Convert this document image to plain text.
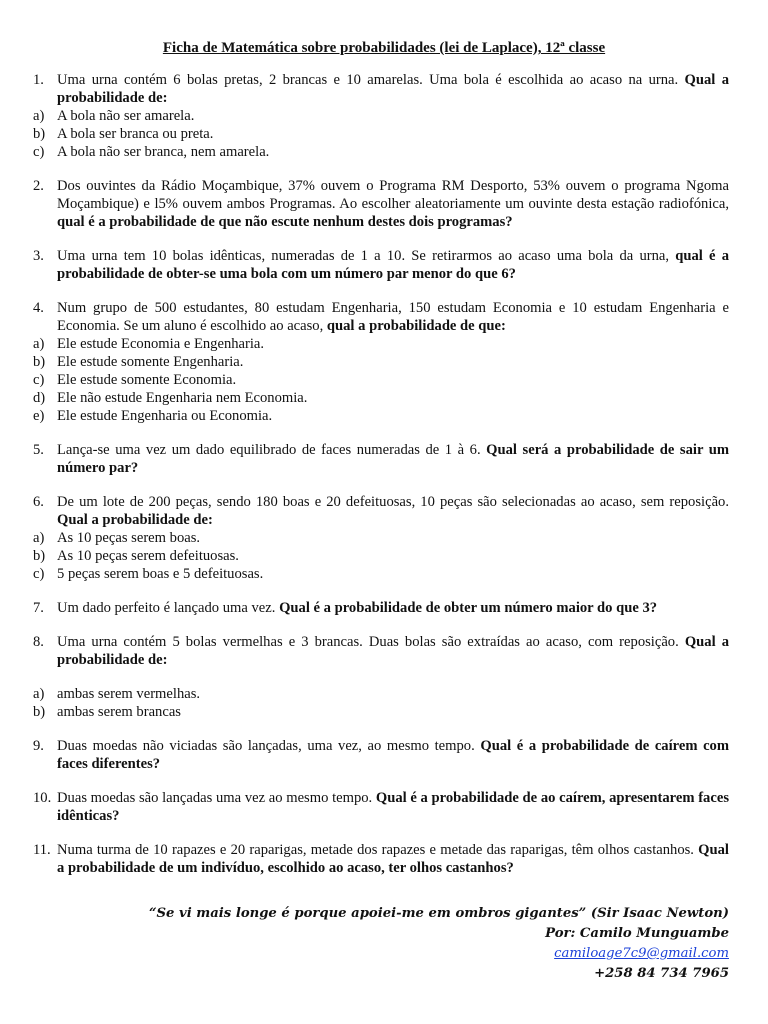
Ficha de Matemática sobre probabilidades (lei de Laplace), 12ª classe
1. Uma urna contém 6 bolas pretas, 2 brancas e 10 amarelas. Uma bola é escolhida ao acaso na urna. Qual a probabilidade de:
a) A bola não ser amarela.
b) A bola ser branca ou preta.
c) A bola não ser branca, nem amarela.
2. Dos ouvintes da Rádio Moçambique, 37% ouvem o Programa RM Desporto, 53% ouvem o programa Ngoma Moçambique) e l5% ouvem ambos Programas. Ao escolher aleatoriamente um ouvinte desta estação radiofónica, qual é a probabilidade de que não escute nenhum destes dois programas?
3. Uma urna tem 10 bolas idênticas, numeradas de 1 a 10. Se retirarmos ao acaso uma bola da urna, qual é a probabilidade de obter-se uma bola com um número par menor do que 6?
4. Num grupo de 500 estudantes, 80 estudam Engenharia, 150 estudam Economia e 10 estudam Engenharia e Economia. Se um aluno é escolhido ao acaso, qual a probabilidade de que:
a) Ele estude Economia e Engenharia.
b) Ele estude somente Engenharia.
c) Ele estude somente Economia.
d) Ele não estude Engenharia nem Economia.
e) Ele estude Engenharia ou Economia.
5. Lança-se uma vez um dado equilibrado de faces numeradas de 1 à 6. Qual será a probabilidade de sair um número par?
6. De um lote de 200 peças, sendo 180 boas e 20 defeituosas, 10 peças são selecionadas ao acaso, sem reposição. Qual a probabilidade de:
a) As 10 peças serem boas.
b) As 10 peças serem defeituosas.
c) 5 peças serem boas e 5 defeituosas.
7. Um dado perfeito é lançado uma vez. Qual é a probabilidade de obter um número maior do que 3?
8. Uma urna contém 5 bolas vermelhas e 3 brancas. Duas bolas são extraídas ao acaso, com reposição. Qual a probabilidade de:
a) ambas serem vermelhas.
b) ambas serem brancas
9. Duas moedas não viciadas são lançadas, uma vez, ao mesmo tempo. Qual é a probabilidade de caírem com faces diferentes?
10. Duas moedas são lançadas uma vez ao mesmo tempo. Qual é a probabilidade de ao caírem, apresentarem faces idênticas?
11. Numa turma de 10 rapazes e 20 raparigas, metade dos rapazes e metade das raparigas, têm olhos castanhos. Qual a probabilidade de um indivíduo, escolhido ao acaso, ter olhos castanhos?
“Se vi mais longe é porque apoiei-me em ombros gigantes” (Sir Isaac Newton)
Por: Camilo Munguambe
camiloage7c9@gmail.com
+258 84 734 7965
